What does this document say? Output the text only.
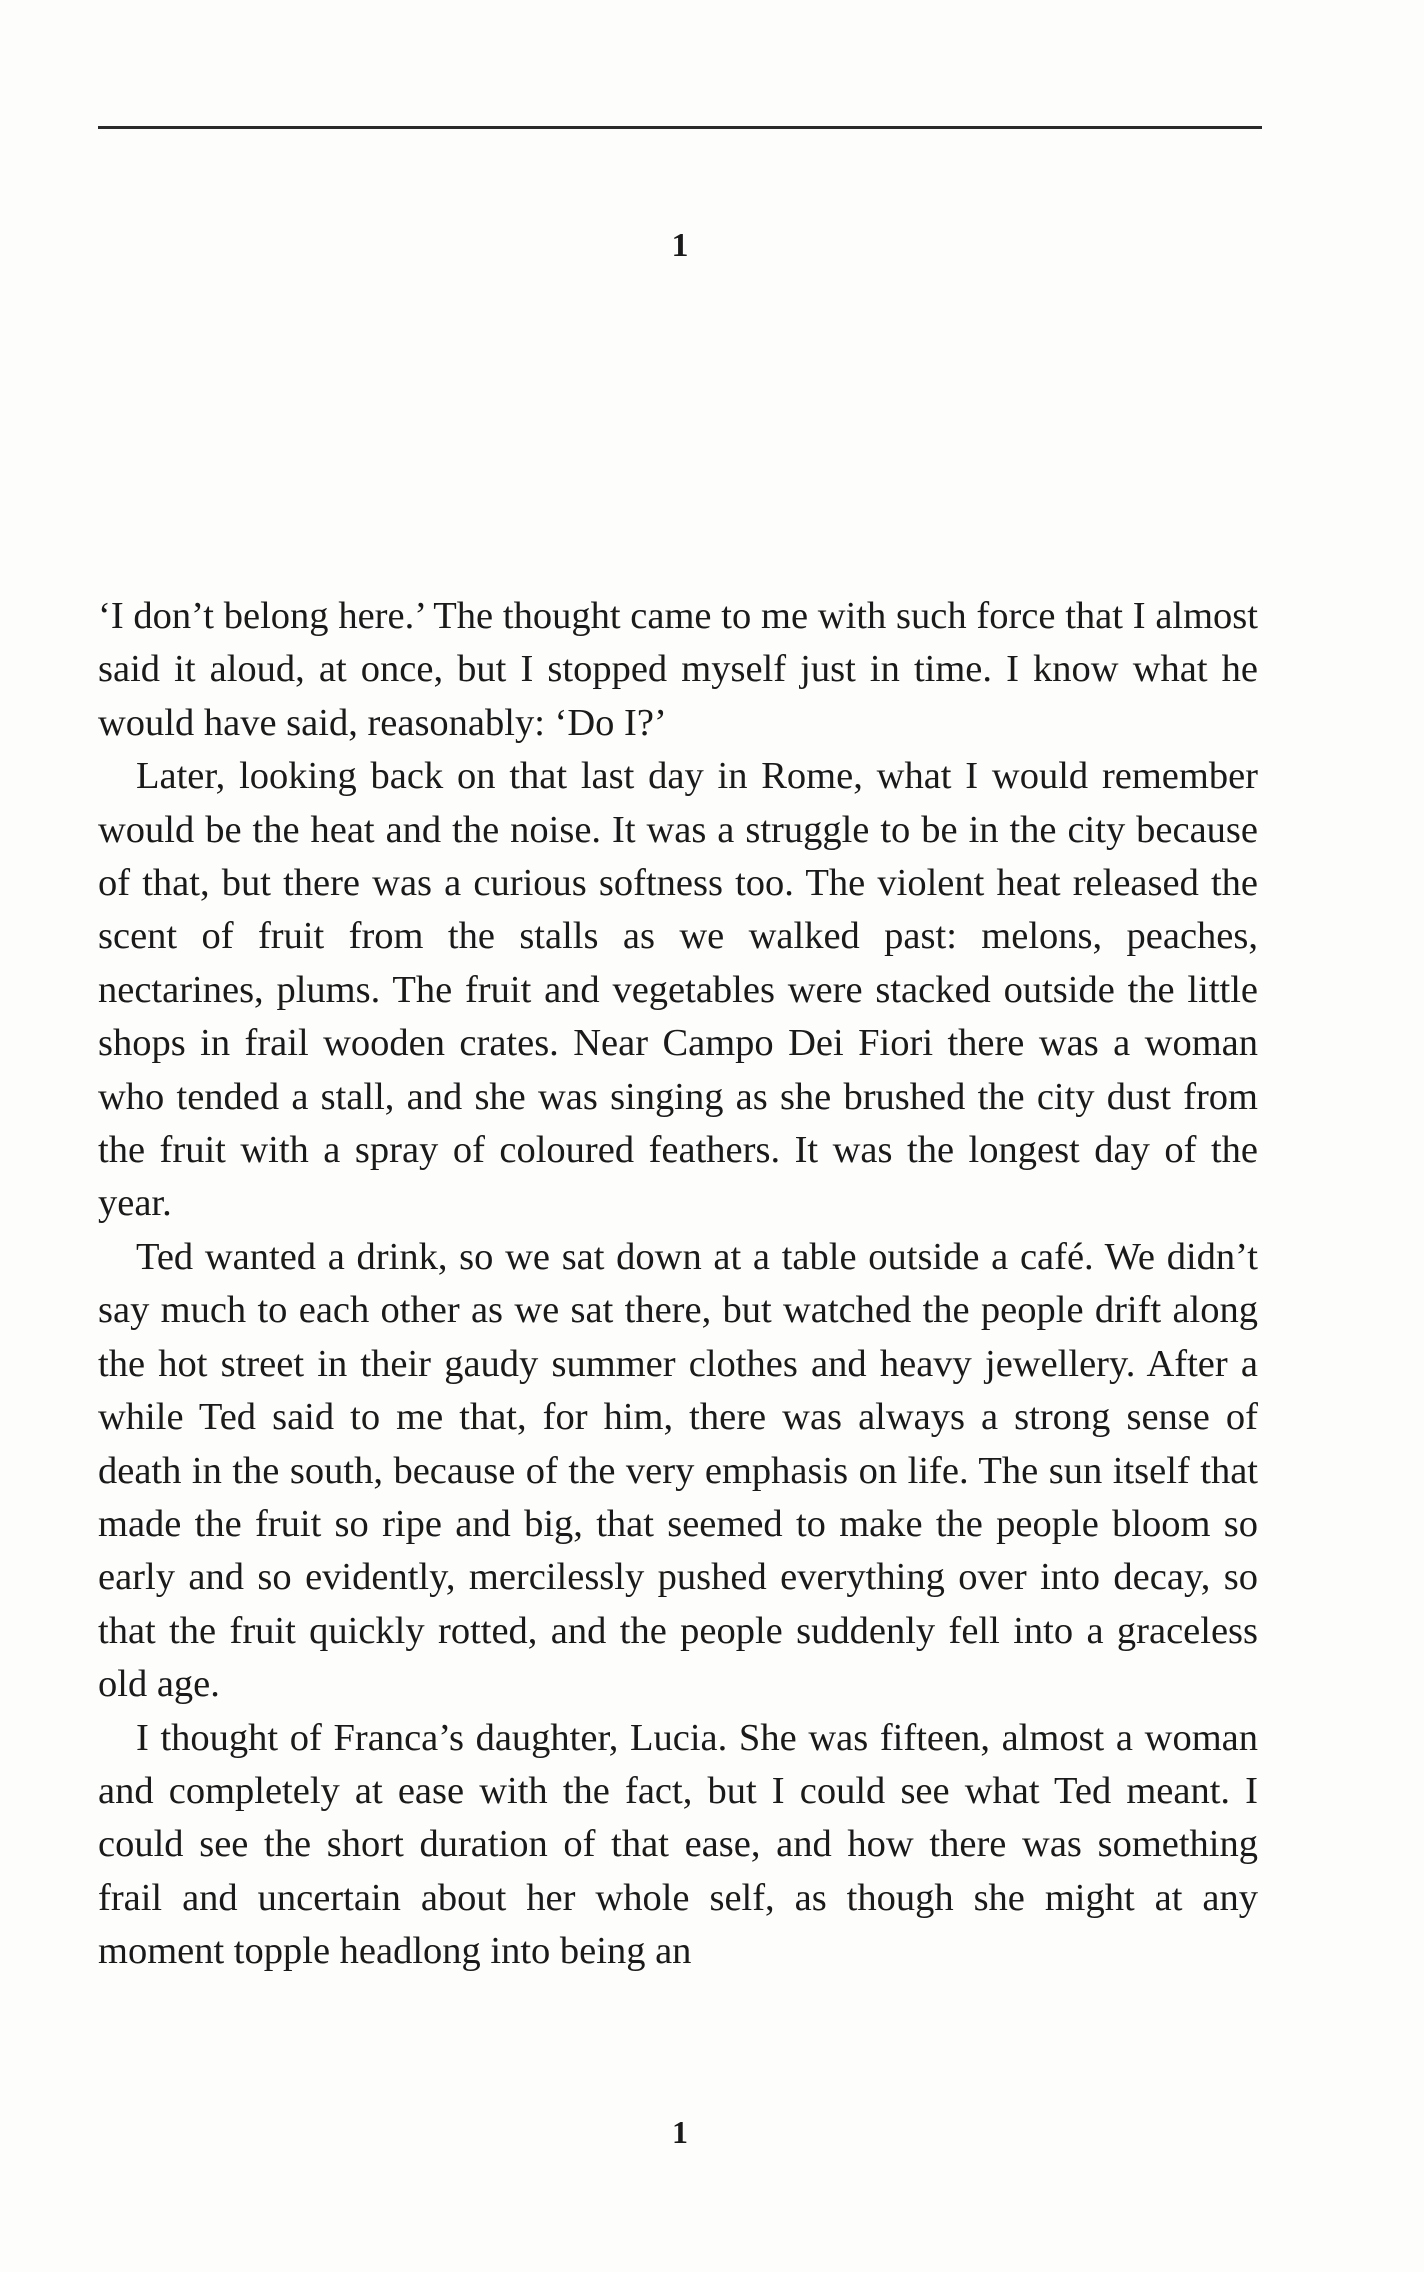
1

‘I don’t belong here.’ The thought came to me with such force that I almost said it aloud, at once, but I stopped myself just in time. I know what he would have said, reasonably: ‘Do I?’

Later, looking back on that last day in Rome, what I would remember would be the heat and the noise. It was a struggle to be in the city because of that, but there was a curious softness too. The violent heat released the scent of fruit from the stalls as we walked past: melons, peaches, nectarines, plums. The fruit and vegetables were stacked outside the little shops in frail wooden crates. Near Campo Dei Fiori there was a woman who tended a stall, and she was singing as she brushed the city dust from the fruit with a spray of coloured feathers. It was the longest day of the year.

Ted wanted a drink, so we sat down at a table outside a café. We didn’t say much to each other as we sat there, but watched the people drift along the hot street in their gaudy summer clothes and heavy jewellery. After a while Ted said to me that, for him, there was always a strong sense of death in the south, because of the very emphasis on life. The sun itself that made the fruit so ripe and big, that seemed to make the people bloom so early and so evidently, mercilessly pushed everything over into decay, so that the fruit quickly rotted, and the people suddenly fell into a graceless old age.

I thought of Franca’s daughter, Lucia. She was fifteen, almost a woman and completely at ease with the fact, but I could see what Ted meant. I could see the short duration of that ease, and how there was something frail and uncertain about her whole self, as though she might at any moment topple headlong into being an

1
